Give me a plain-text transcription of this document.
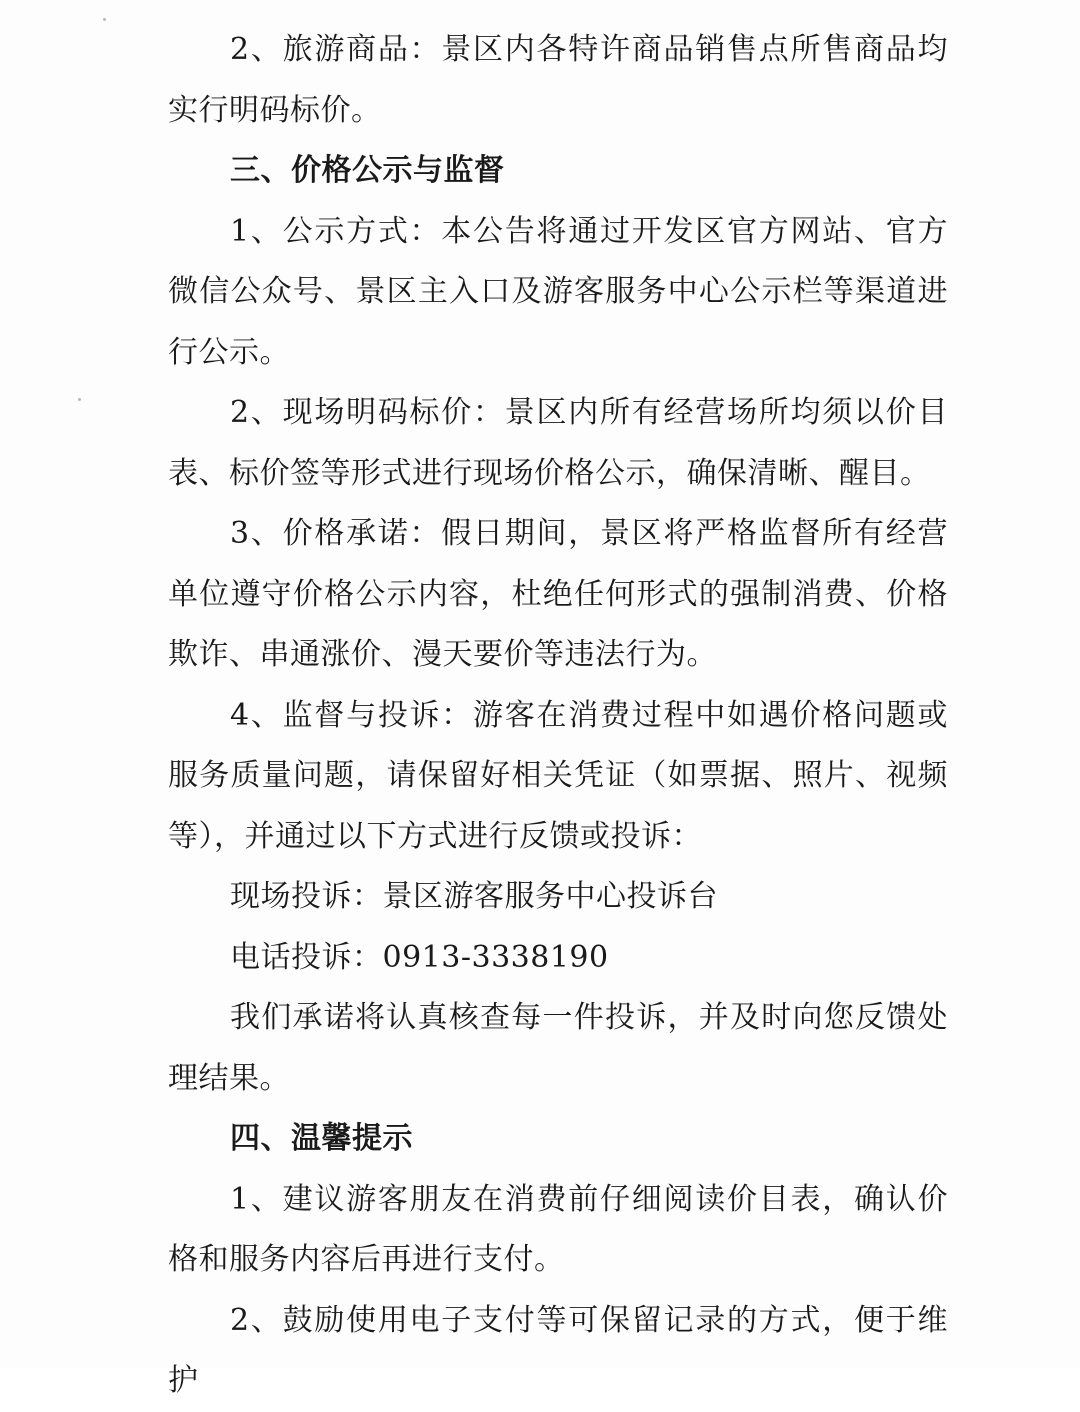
2、旅游商品：景区内各特许商品销售点所售商品均实行明码标价。

三、价格公示与监督

1、公示方式：本公告将通过开发区官方网站、官方微信公众号、景区主入口及游客服务中心公示栏等渠道进行公示。

2、现场明码标价：景区内所有经营场所均须以价目表、标价签等形式进行现场价格公示，确保清晰、醒目。

3、价格承诺：假日期间，景区将严格监督所有经营单位遵守价格公示内容，杜绝任何形式的强制消费、价格欺诈、串通涨价、漫天要价等违法行为。

4、监督与投诉：游客在消费过程中如遇价格问题或服务质量问题，请保留好相关凭证（如票据、照片、视频等），并通过以下方式进行反馈或投诉：

现场投诉：景区游客服务中心投诉台

电话投诉：0913-3338190

我们承诺将认真核查每一件投诉，并及时向您反馈处理结果。

四、温馨提示

1、建议游客朋友在消费前仔细阅读价目表，确认价格和服务内容后再进行支付。

2、鼓励使用电子支付等可保留记录的方式，便于维护
